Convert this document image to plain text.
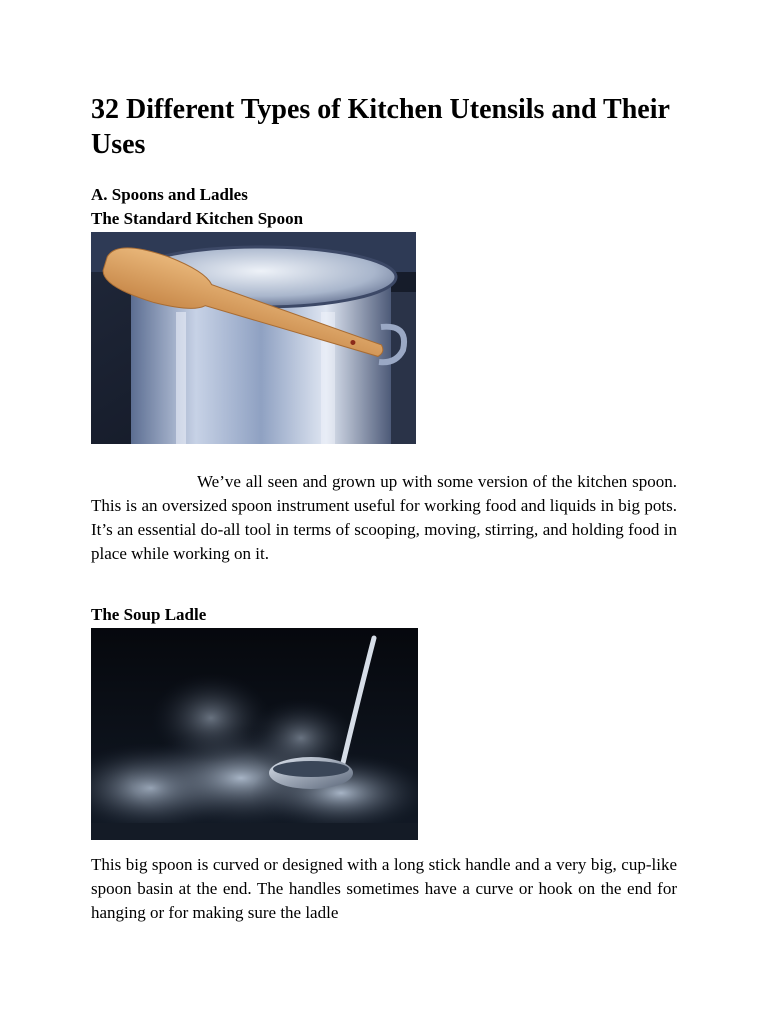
32 Different Types of Kitchen Utensils and Their Uses
A. Spoons and Ladles
The Standard Kitchen Spoon

We’ve all seen and grown up with some version of the kitchen spoon. This is an oversized spoon instrument useful for working food and liquids in big pots. It’s an essential do-all tool in terms of scooping, moving, stirring, and holding food in place while working on it.

The Soup Ladle

This big spoon is curved or designed with a long stick handle and a very big, cup-like spoon basin at the end. The handles sometimes have a curve or hook on the end for hanging or for making sure the ladle
